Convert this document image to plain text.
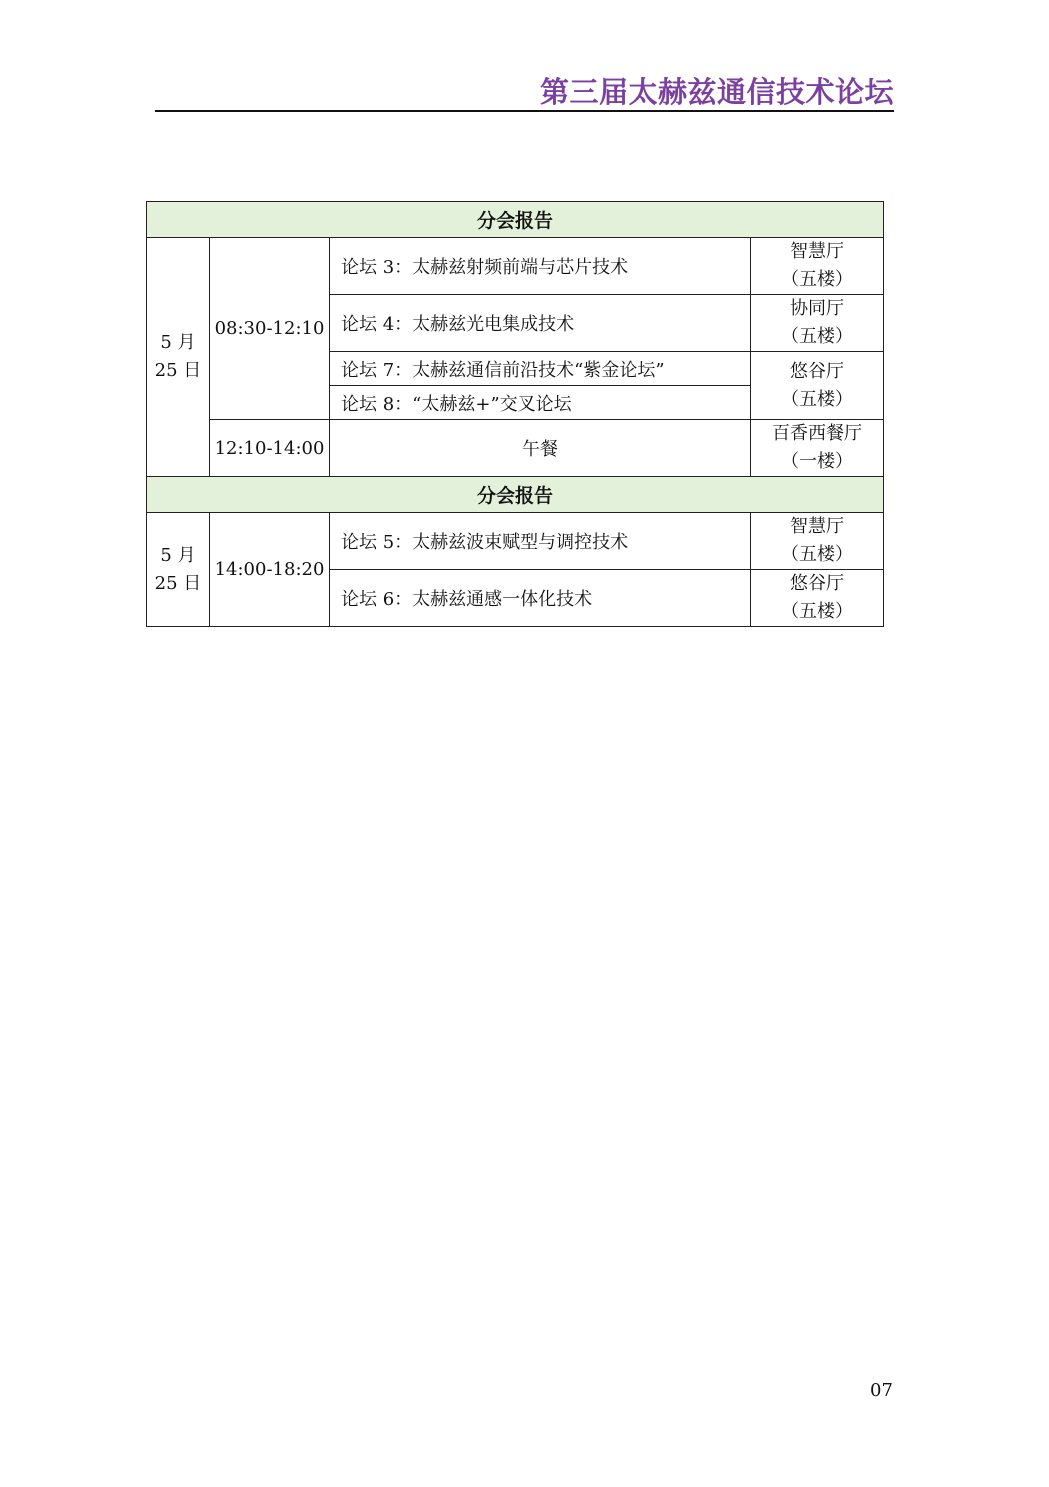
第三届太赫兹通信技术论坛
分会报告			

5 月
25 日	08:30-12:10	论坛 3：太赫兹射频前端与芯片技术	智慧厅
（五楼）

		论坛 4：太赫兹光电集成技术	协同厅
（五楼）

		论坛 7：太赫兹通信前沿技术“紫金论坛”	悠谷厅
（五楼）

		论坛 8：“太赫兹+”交叉论坛	
	12:10-14:00	午餐	百香西餐厅
（一楼）

分会报告			

5 月
25 日	14:00-18:20	论坛 5：太赫兹波束赋型与调控技术	智慧厅
（五楼）

		论坛 6：太赫兹通感一体化技术	悠谷厅
（五楼）
07
